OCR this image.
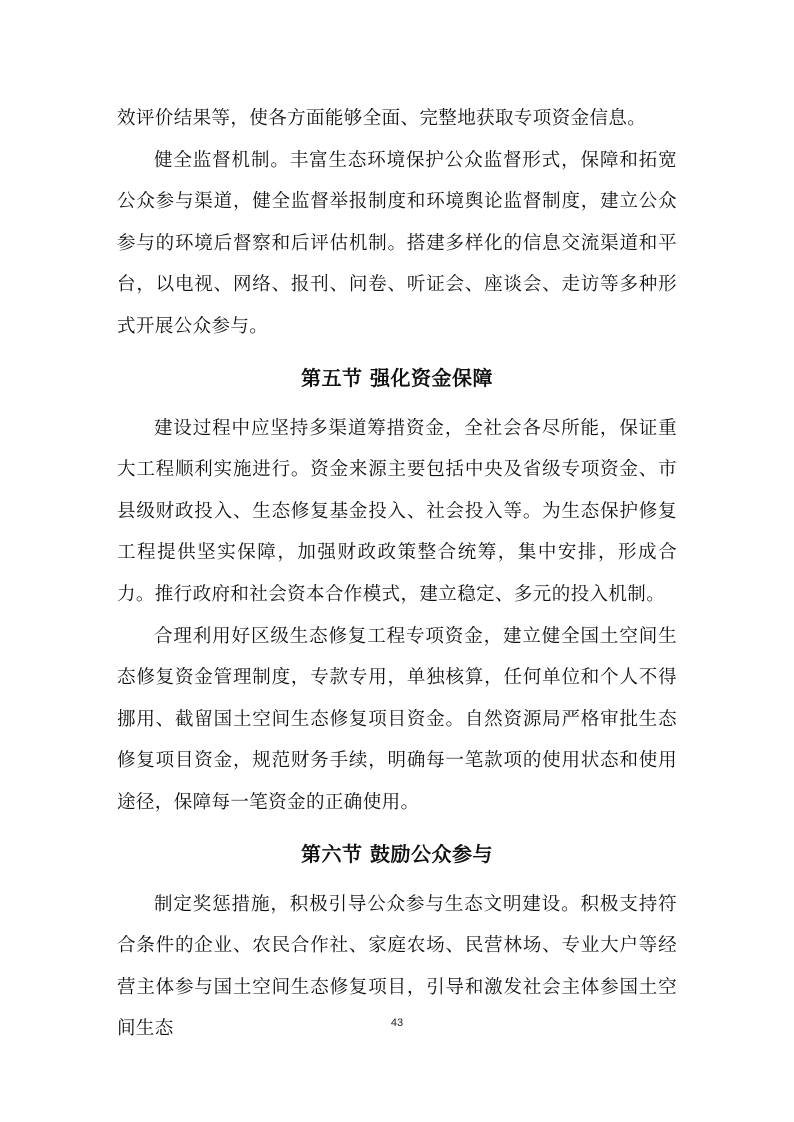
效评价结果等，使各方面能够全面、完整地获取专项资金信息。

健全监督机制。丰富生态环境保护公众监督形式，保障和拓宽公众参与渠道，健全监督举报制度和环境舆论监督制度，建立公众参与的环境后督察和后评估机制。搭建多样化的信息交流渠道和平台，以电视、网络、报刊、问卷、听证会、座谈会、走访等多种形式开展公众参与。

第五节 强化资金保障

建设过程中应坚持多渠道筹措资金，全社会各尽所能，保证重大工程顺利实施进行。资金来源主要包括中央及省级专项资金、市县级财政投入、生态修复基金投入、社会投入等。为生态保护修复工程提供坚实保障，加强财政政策整合统筹，集中安排，形成合力。推行政府和社会资本合作模式，建立稳定、多元的投入机制。

合理利用好区级生态修复工程专项资金，建立健全国土空间生态修复资金管理制度，专款专用，单独核算，任何单位和个人不得挪用、截留国土空间生态修复项目资金。自然资源局严格审批生态修复项目资金，规范财务手续，明确每一笔款项的使用状态和使用途径，保障每一笔资金的正确使用。

第六节 鼓励公众参与

制定奖惩措施，积极引导公众参与生态文明建设。积极支持符合条件的企业、农民合作社、家庭农场、民营林场、专业大户等经营主体参与国土空间生态修复项目，引导和激发社会主体参国土空间生态	43
